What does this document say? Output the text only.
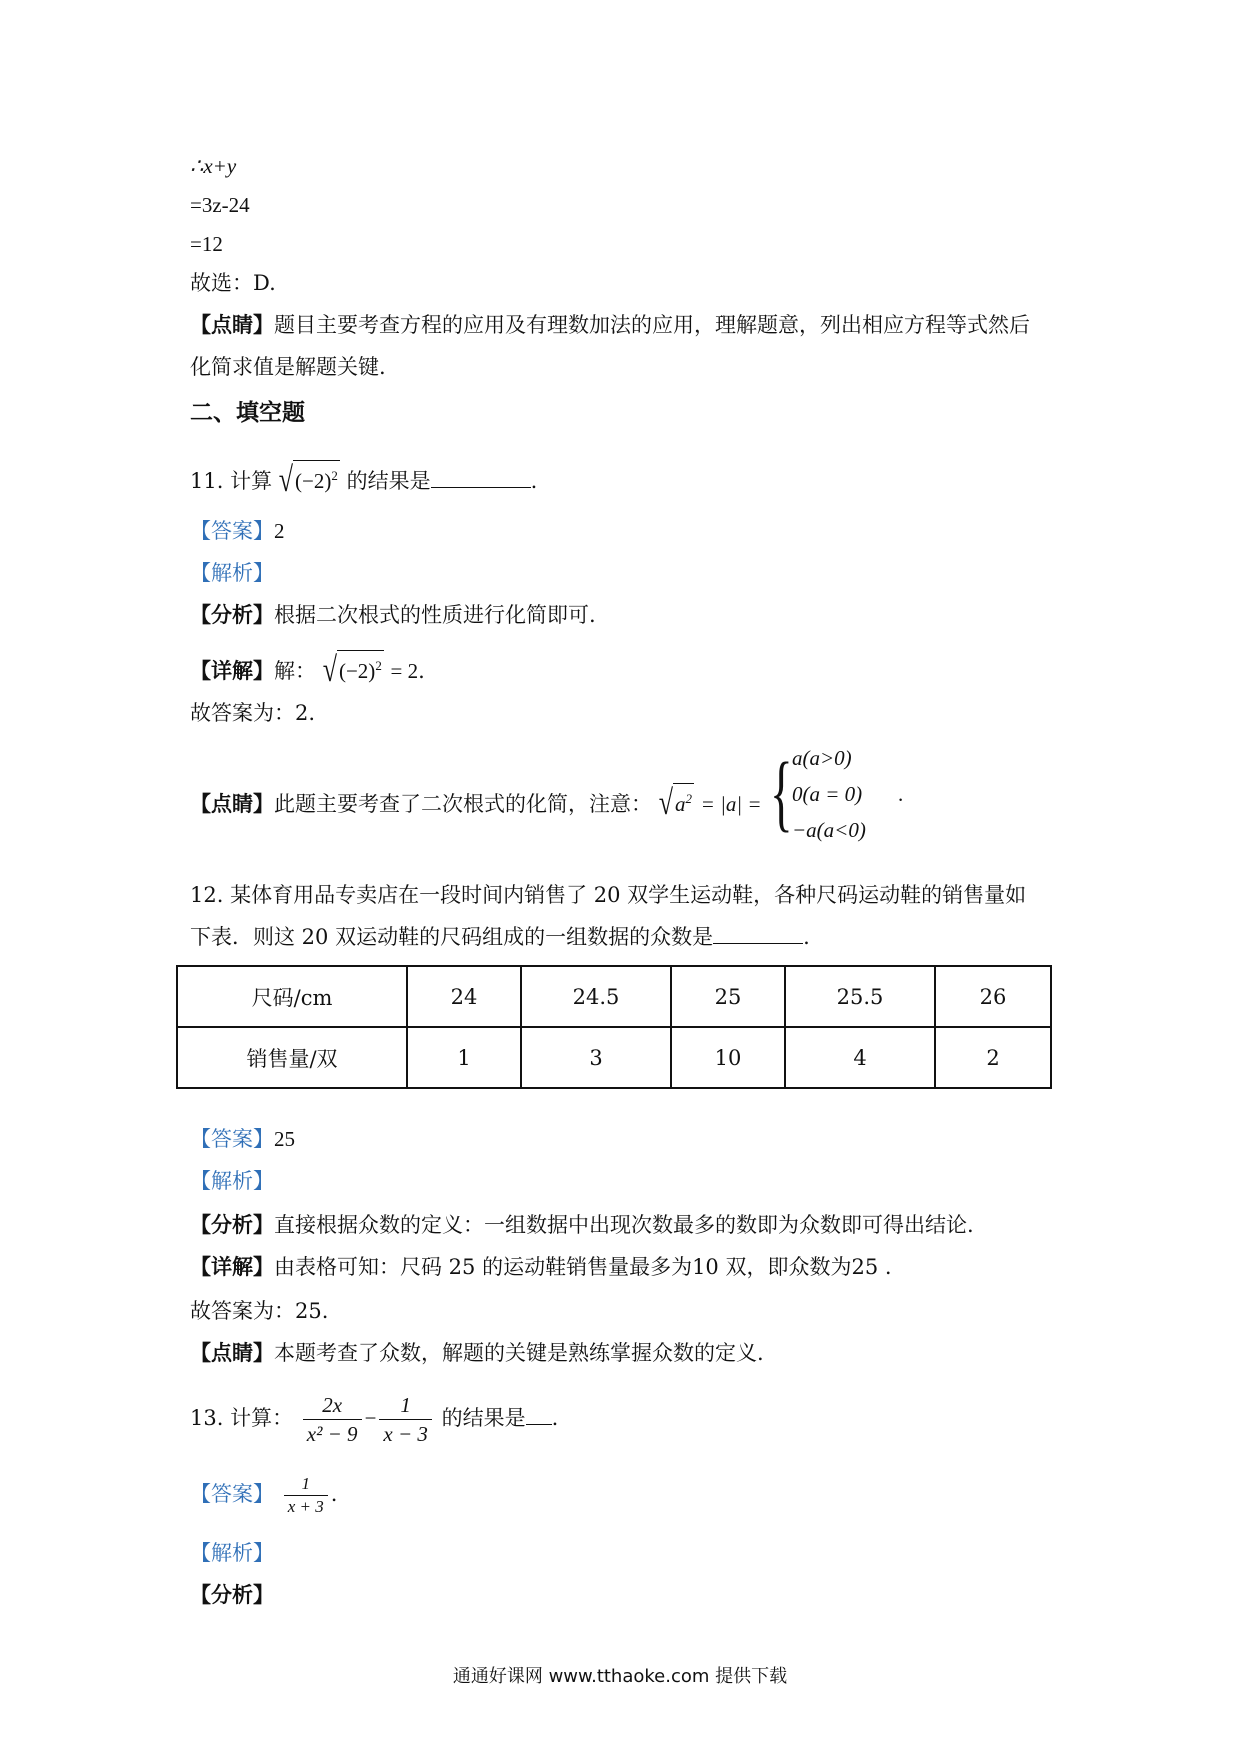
∴x+y
=3z-24
=12
故选：D.
【点睛】题目主要考查方程的应用及有理数加法的应用，理解题意，列出相应方程等式然后
化简求值是解题关键.
二、填空题
11. 计算 $√(-2)^2$ 的结果是	.
【答案】2
【解析】
【分析】根据二次根式的性质进行化简即可.
【详解】解： $√(-2)^2 = 2$.
故答案为：2.
【点睛】此题主要考查了二次根式的化简，注意： $√a^2 = |a|$ = { a(a>0)
0(a = 0)
−a(a<0)
.
12. 某体育用品专卖店在一段时间内销售了 20 双学生运动鞋，各种尺码运动鞋的销售量如
下表．则这 20 双运动鞋的尺码组成的一组数据的众数是	.
尺码/cm	24	24.5	25	25.5	26
销售量/双	1	3	10	4	2
【答案】25
【解析】
【分析】直接根据众数的定义：一组数据中出现次数最多的数即为众数即可得出结论.
【详解】由表格可知：尺码 25 的运动鞋销售量最多为10 双，即众数为25 .
故答案为：25.
【点睛】本题考查了众数，解题的关键是熟练掌握众数的定义.
13. 计算： $\frac{2x}{\text{x² − 9}} - \frac{1}{x - 3}$ 的结果是 .
【答案】 $\frac{1}{x + 3}$ .
【解析】
【分析】
通通好课网 www.tthaoke.com 提供下载
